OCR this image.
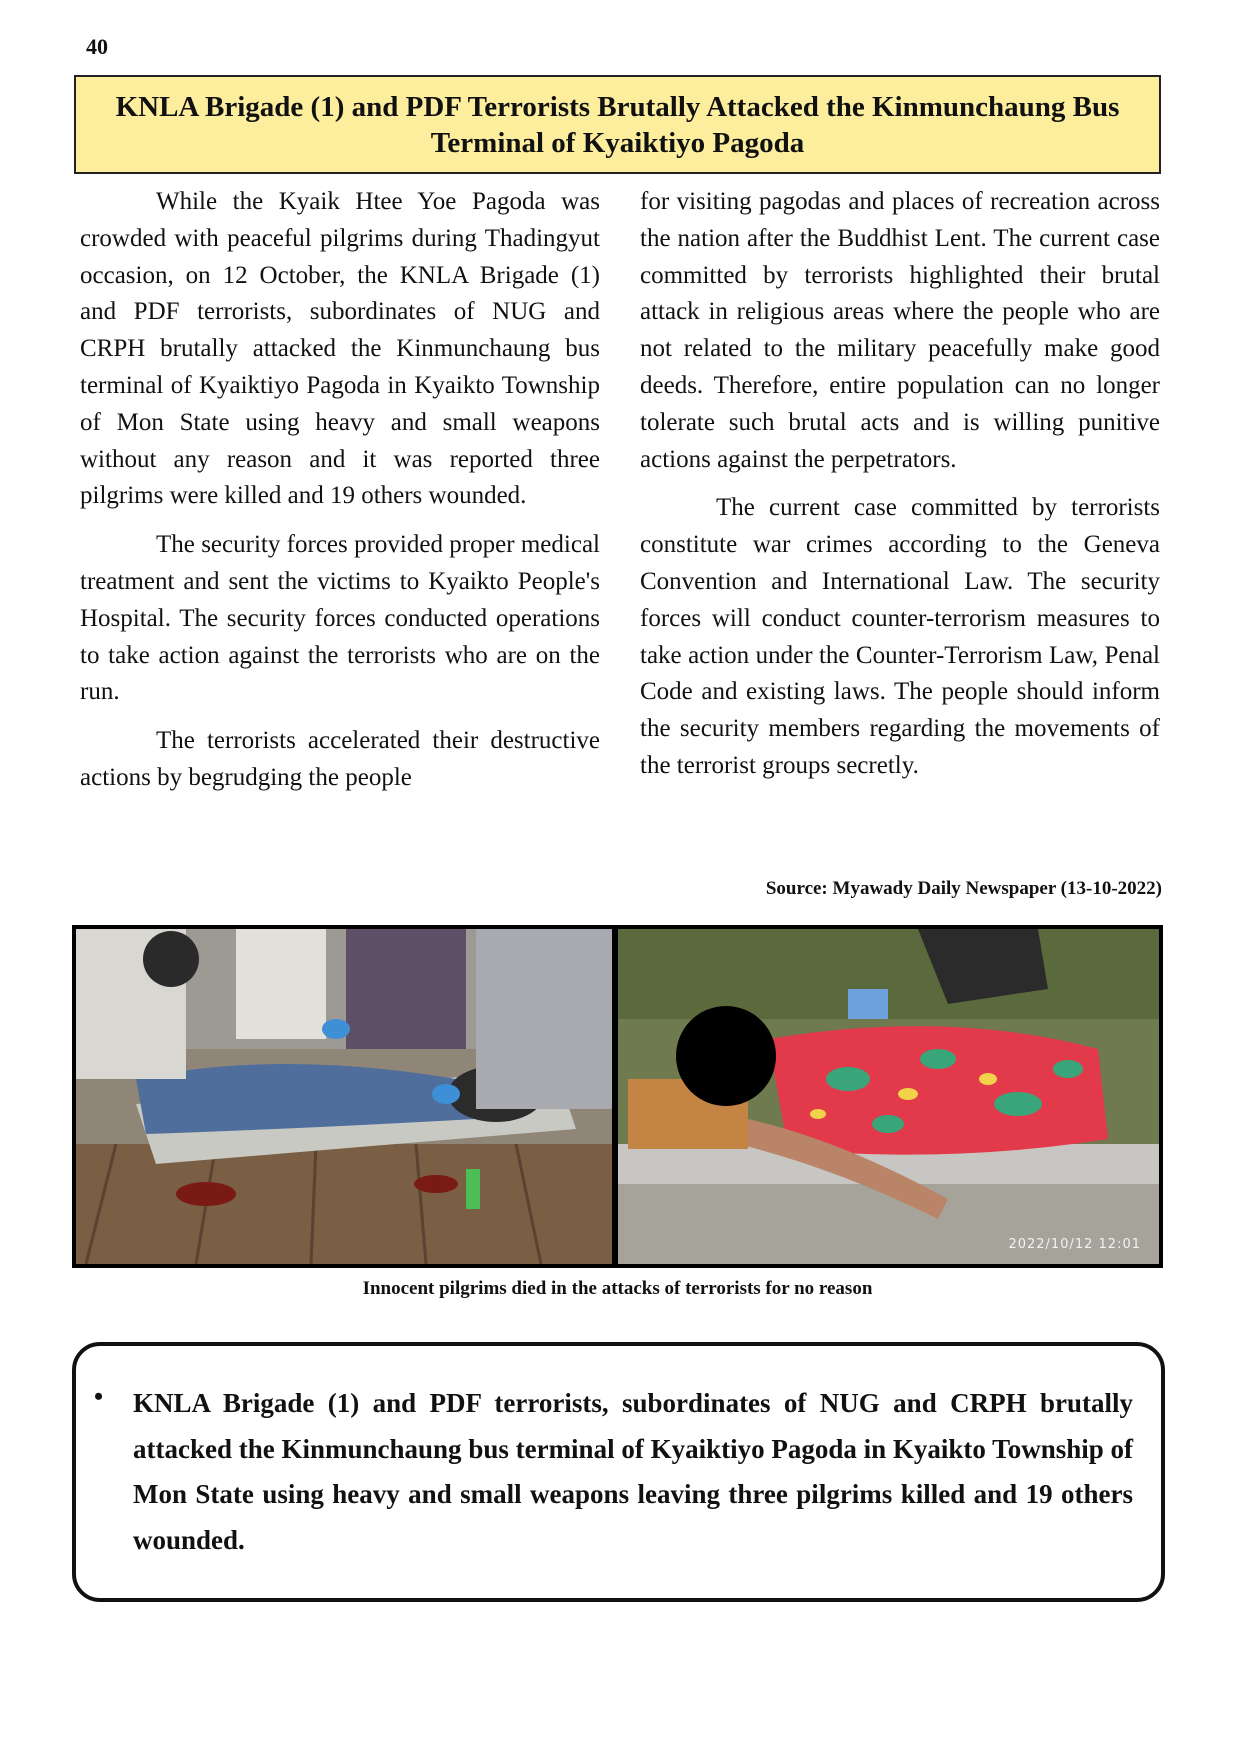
40
KNLA Brigade (1) and PDF Terrorists Brutally Attacked the Kinmunchaung Bus Terminal of Kyaiktiyo Pagoda

While the Kyaik Htee Yoe Pagoda was crowded with peaceful pilgrims during Thadingyut occasion, on 12 October, the KNLA Brigade (1) and PDF terrorists, subordinates of NUG and CRPH brutally attacked the Kinmunchaung bus terminal of Kyaiktiyo Pagoda in Kyaikto Township of Mon State using heavy and small weapons without any reason and it was reported three pilgrims were killed and 19 others wounded.

The security forces provided proper medical treatment and sent the victims to Kyaikto People's Hospital. The security forces conducted operations to take action against the terrorists who are on the run.

The terrorists accelerated their destructive actions by begrudging the people

for visiting pagodas and places of recreation across the nation after the Buddhist Lent. The current case committed by terrorists highlighted their brutal attack in religious areas where the people who are not related to the military peacefully make good deeds. Therefore, entire population can no longer tolerate such brutal acts and is willing punitive actions against the perpetrators.

The current case committed by terrorists constitute war crimes according to the Geneva Convention and International Law. The security forces will conduct counter-terrorism measures to take action under the Counter-Terrorism Law, Penal Code and existing laws. The people should inform the security members regarding the movements of the terrorist groups secretly.

Source: Myawady Daily Newspaper (13-10-2022)
2022/10/12 12:01
Innocent pilgrims died in the attacks of terrorists for no reason
• KNLA Brigade (1) and PDF terrorists, subordinates of NUG and CRPH brutally attacked the Kinmunchaung bus terminal of Kyaiktiyo Pagoda in Kyaikto Township of Mon State using heavy and small weapons leaving three pilgrims killed and 19 others wounded.
